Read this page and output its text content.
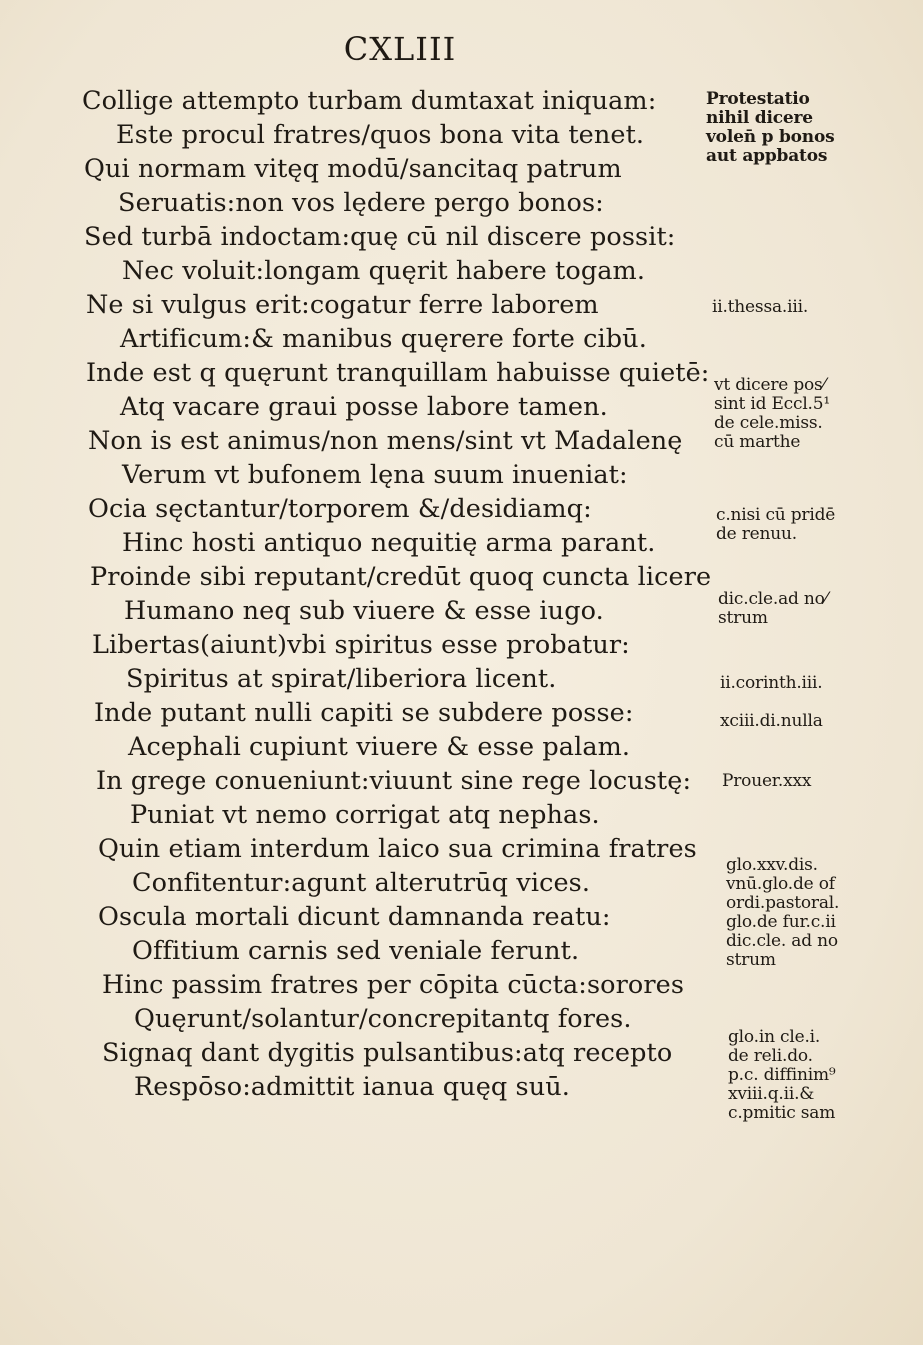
CXLIII
Collige attempto turbam dumtaxat iniquam:
Este procul fratres/quos bona vita tenet.
Qui normam vitęq modū/sancitaq patrum
Seruatis:non vos lędere pergo bonos:
Sed turbā indoctam:quę cū nil discere possit:
Nec voluit:longam quęrit habere togam.
Ne si vulgus erit:cogatur ferre laborem
Artificum:& manibus quęrere forte cibū.
Inde est q quęrunt tranquillam habuisse quietē:
Atq vacare graui posse labore tamen.
Non is est animus/non mens/sint vt Madalenę
Verum vt bufonem lęna suum inueniat:
Ocia sęctantur/torporem &/desidiamq:
Hinc hosti antiquo nequitię arma parant.
Proinde sibi reputant/credūt quoq cuncta licere
Humano neq sub viuere & esse iugo.
Libertas(aiunt)vbi spiritus esse probatur:
Spiritus at spirat/liberiora licent.
Inde putant nulli capiti se subdere posse:
Acephali cupiunt viuere & esse palam.
In grege conueniunt:viuunt sine rege locustę:
Puniat vt nemo corrigat atq nephas.
Quin etiam interdum laico sua crimina fratres
Confitentur:agunt alterutrūq vices.
Oscula mortali dicunt damnanda reatu:
Offitium carnis sed veniale ferunt.
Hinc passim fratres per cōpita cūcta:sorores
Quęrunt/solantur/concrepitantq fores.
Signaq dant dygitis pulsantibus:atq recepto
Respōso:admittit ianua quęq suū.
Protestatio
nihil dicere
volen̄ p bonos
aut appbatos
ii.thessa.iii.
vt dicere pos⁄
sint id Eccl.5¹
de cele.miss.
cū marthe
c.nisi cū pridē
de renuu.
dic.cle.ad no⁄
strum
ii.corinth.iii.
xciii.di.nulla
Prouer.xxx
glo.xxv.dis.
vnū.glo.de of
ordi.pastoral.
glo.de fur.c.ii
dic.cle. ad no
strum
glo.in cle.i.
de reli.do.
p.c. diffinim⁹
xviii.q.ii.&
c.pmitic sam
